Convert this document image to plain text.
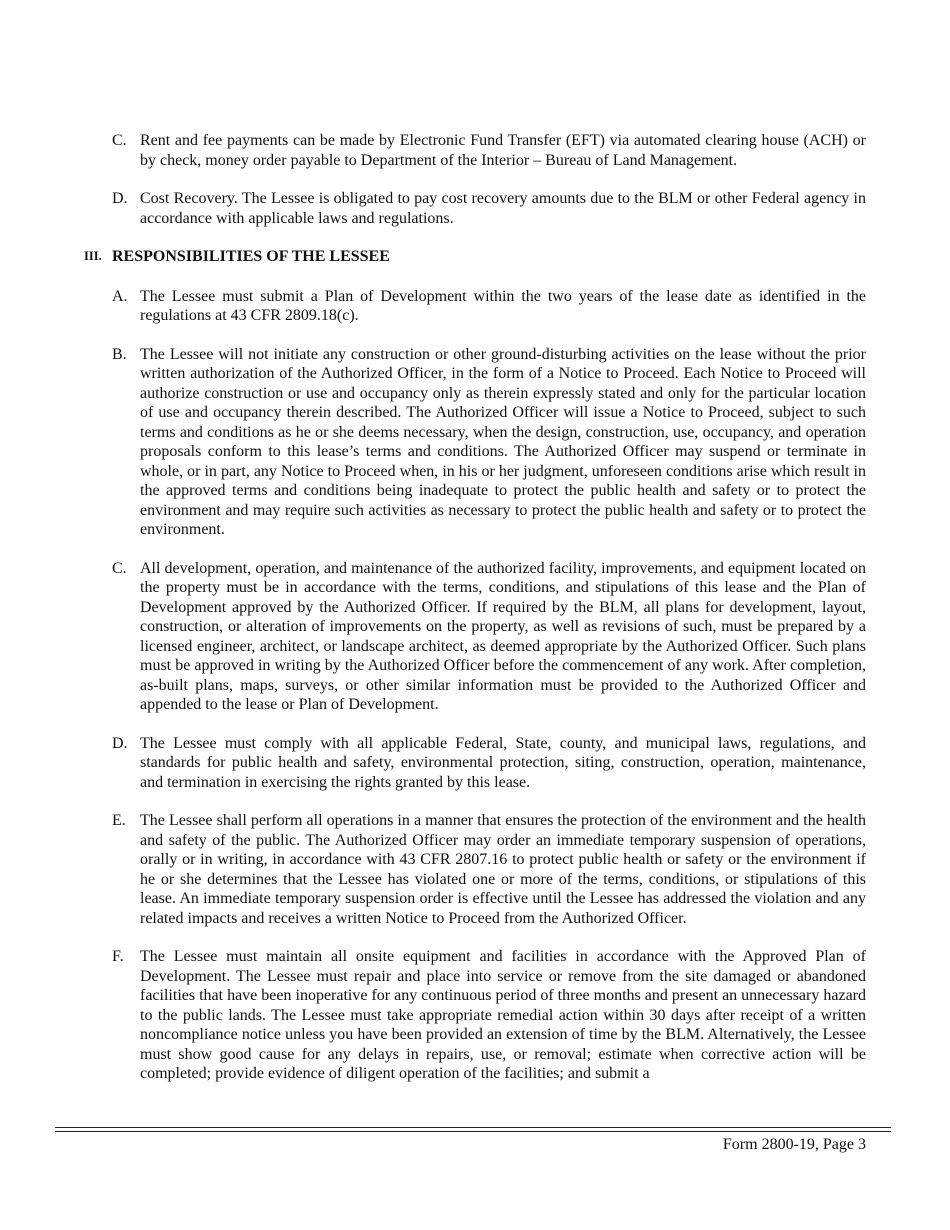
C. Rent and fee payments can be made by Electronic Fund Transfer (EFT) via automated clearing house (ACH) or by check, money order payable to Department of the Interior – Bureau of Land Management.
D. Cost Recovery. The Lessee is obligated to pay cost recovery amounts due to the BLM or other Federal agency in accordance with applicable laws and regulations.
III. RESPONSIBILITIES OF THE LESSEE
A. The Lessee must submit a Plan of Development within the two years of the lease date as identified in the regulations at 43 CFR 2809.18(c).
B. The Lessee will not initiate any construction or other ground-disturbing activities on the lease without the prior written authorization of the Authorized Officer, in the form of a Notice to Proceed. Each Notice to Proceed will authorize construction or use and occupancy only as therein expressly stated and only for the particular location of use and occupancy therein described. The Authorized Officer will issue a Notice to Proceed, subject to such terms and conditions as he or she deems necessary, when the design, construction, use, occupancy, and operation proposals conform to this lease’s terms and conditions. The Authorized Officer may suspend or terminate in whole, or in part, any Notice to Proceed when, in his or her judgment, unforeseen conditions arise which result in the approved terms and conditions being inadequate to protect the public health and safety or to protect the environment and may require such activities as necessary to protect the public health and safety or to protect the environment.
C. All development, operation, and maintenance of the authorized facility, improvements, and equipment located on the property must be in accordance with the terms, conditions, and stipulations of this lease and the Plan of Development approved by the Authorized Officer. If required by the BLM, all plans for development, layout, construction, or alteration of improvements on the property, as well as revisions of such, must be prepared by a licensed engineer, architect, or landscape architect, as deemed appropriate by the Authorized Officer. Such plans must be approved in writing by the Authorized Officer before the commencement of any work. After completion, as-built plans, maps, surveys, or other similar information must be provided to the Authorized Officer and appended to the lease or Plan of Development.
D. The Lessee must comply with all applicable Federal, State, county, and municipal laws, regulations, and standards for public health and safety, environmental protection, siting, construction, operation, maintenance, and termination in exercising the rights granted by this lease.
E. The Lessee shall perform all operations in a manner that ensures the protection of the environment and the health and safety of the public. The Authorized Officer may order an immediate temporary suspension of operations, orally or in writing, in accordance with 43 CFR 2807.16 to protect public health or safety or the environment if he or she determines that the Lessee has violated one or more of the terms, conditions, or stipulations of this lease. An immediate temporary suspension order is effective until the Lessee has addressed the violation and any related impacts and receives a written Notice to Proceed from the Authorized Officer.
F.	The Lessee must maintain all onsite equipment and facilities in accordance with the Approved Plan of Development. The Lessee must repair and place into service or remove from the site damaged or abandoned facilities that have been inoperative for any continuous period of three months and present an unnecessary hazard to the public lands. The Lessee must take appropriate remedial action within 30 days after receipt of a written noncompliance notice unless you have been provided an extension of time by the BLM. Alternatively, the Lessee must show good cause for any delays in repairs, use, or removal; estimate when corrective action will be completed; provide evidence of diligent operation of the facilities; and submit a
Form 2800-19, Page 3
